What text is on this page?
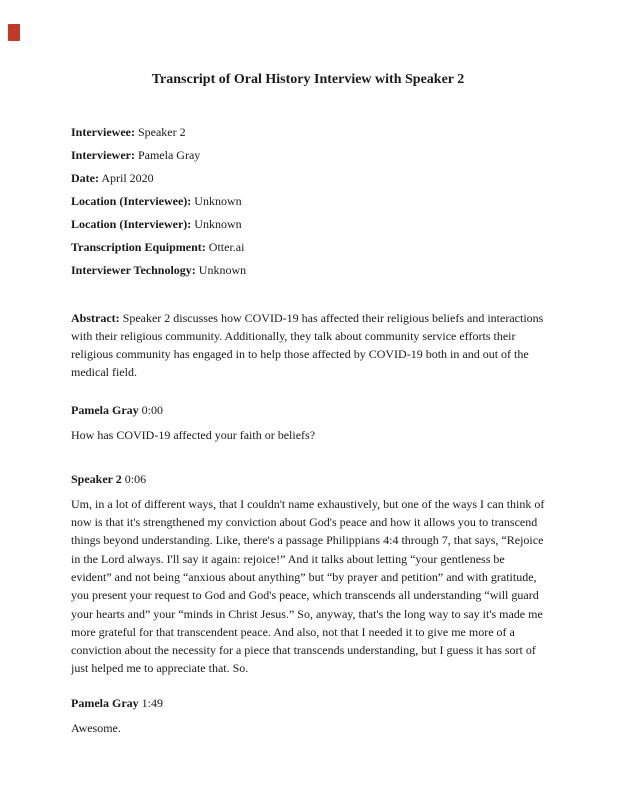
Transcript of Oral History Interview with Speaker 2

Interviewee: Speaker 2

Interviewer: Pamela Gray

Date: April 2020

Location (Interviewee): Unknown

Location (Interviewer): Unknown

Transcription Equipment: Otter.ai

Interviewer Technology: Unknown

Abstract: Speaker 2 discusses how COVID-19 has affected their religious beliefs and interactions with their religious community. Additionally, they talk about community service efforts their religious community has engaged in to help those affected by COVID-19 both in and out of the medical field.

Pamela Gray 0:00

How has COVID-19 affected your faith or beliefs?

Speaker 2 0:06

Um, in a lot of different ways, that I couldn't name exhaustively, but one of the ways I can think of now is that it's strengthened my conviction about God's peace and how it allows you to transcend things beyond understanding. Like, there's a passage Philippians 4:4 through 7, that says, “Rejoice in the Lord always. I'll say it again: rejoice!” And it talks about letting “your gentleness be evident” and not being “anxious about anything” but “by prayer and petition” and with gratitude, you present your request to God and God's peace, which transcends all understanding “will guard your hearts and” your “minds in Christ Jesus.” So, anyway, that's the long way to say it's made me more grateful for that transcendent peace. And also, not that I needed it to give me more of a conviction about the necessity for a piece that transcends understanding, but I guess it has sort of just helped me to appreciate that. So.

Pamela Gray 1:49

Awesome.
